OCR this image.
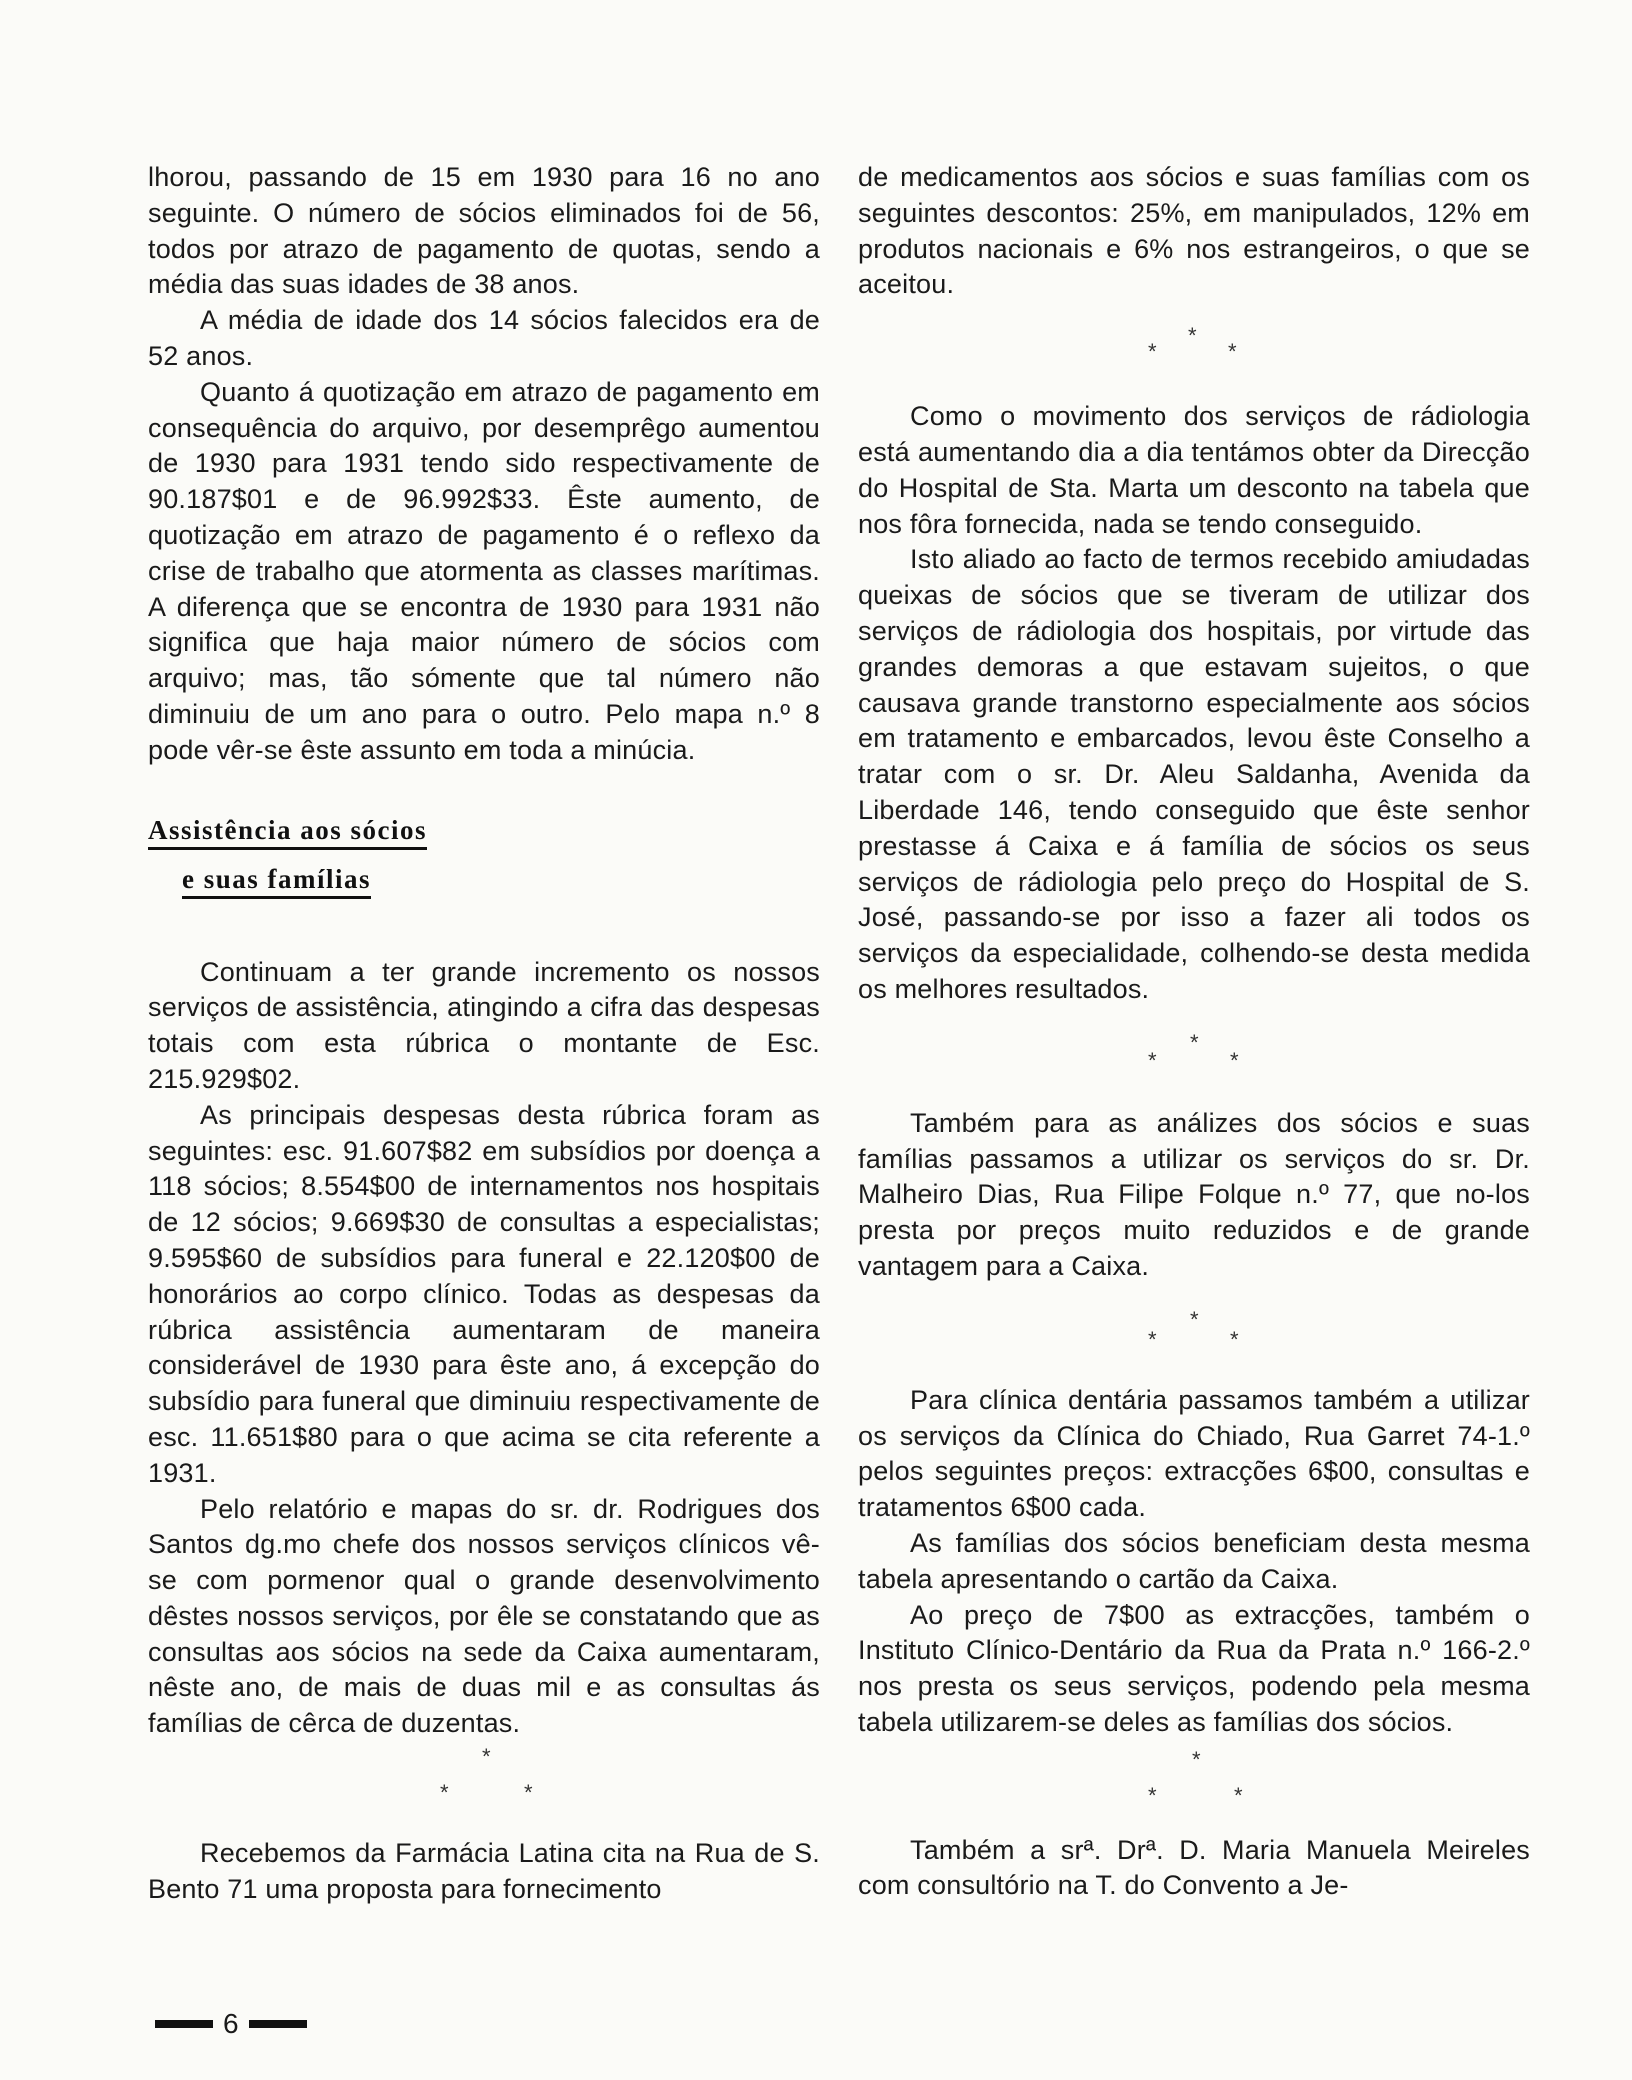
lhorou, passando de 15 em 1930 para 16 no ano seguinte. O número de sócios eliminados foi de 56, todos por atrazo de pagamento de quotas, sendo a média das suas idades de 38 anos.

A média de idade dos 14 sócios falecidos era de 52 anos.

Quanto á quotização em atrazo de pagamento em consequência do arquivo, por desemprêgo aumentou de 1930 para 1931 tendo sido respectivamente de 90.187$01 e de 96.992$33. Êste aumento, de quotização em atrazo de pagamento é o reflexo da crise de trabalho que atormenta as classes marítimas. A diferença que se encontra de 1930 para 1931 não significa que haja maior número de sócios com arquivo; mas, tão sómente que tal número não diminuiu de um ano para o outro. Pelo mapa n.º 8 pode vêr-se êste assunto em toda a minúcia.

Assistência aos sócios
e suas famílias

Continuam a ter grande incremento os nossos serviços de assistência, atingindo a cifra das despesas totais com esta rúbrica o montante de Esc. 215.929$02.

As principais despesas desta rúbrica foram as seguintes: esc. 91.607$82 em subsídios por doença a 118 sócios; 8.554$00 de internamentos nos hospitais de 12 sócios; 9.669$30 de consultas a especialistas; 9.595$60 de subsídios para funeral e 22.120$00 de honorários ao corpo clínico. Todas as despesas da rúbrica assistência aumentaram de maneira considerável de 1930 para êste ano, á excepção do subsídio para funeral que diminuiu respectivamente de esc. 11.651$80 para o que acima se cita referente a 1931.

Pelo relatório e mapas do sr. dr. Rodrigues dos Santos dg.mo chefe dos nossos serviços clínicos vê-se com pormenor qual o grande desenvolvimento dêstes nossos serviços, por êle se constatando que as consultas aos sócios na sede da Caixa aumentaram, nêste ano, de mais de duas mil e as consultas ás famílias de cêrca de duzentas.

*
*	*

Recebemos da Farmácia Latina cita na Rua de S. Bento 71 uma proposta para fornecimento

de medicamentos aos sócios e suas famílias com os seguintes descontos: 25%, em manipulados, 12% em produtos nacionais e 6% nos estrangeiros, o que se aceitou.

*
*	*

Como o movimento dos serviços de rádiologia está aumentando dia a dia tentámos obter da Direcção do Hospital de Sta. Marta um desconto na tabela que nos fôra fornecida, nada se tendo conseguido.

Isto aliado ao facto de termos recebido amiudadas queixas de sócios que se tiveram de utilizar dos serviços de rádiologia dos hospitais, por virtude das grandes demoras a que estavam sujeitos, o que causava grande transtorno especialmente aos sócios em tratamento e embarcados, levou êste Conselho a tratar com o sr. Dr. Aleu Saldanha, Avenida da Liberdade 146, tendo conseguido que êste senhor prestasse á Caixa e á família de sócios os seus serviços de rádiologia pelo preço do Hospital de S. José, passando-se por isso a fazer ali todos os serviços da especialidade, colhendo-se desta medida os melhores resultados.

*
*	*

Também para as análizes dos sócios e suas famílias passamos a utilizar os serviços do sr. Dr. Malheiro Dias, Rua Filipe Folque n.º 77, que no-los presta por preços muito reduzidos e de grande vantagem para a Caixa.

*
*	*

Para clínica dentária passamos também a utilizar os serviços da Clínica do Chiado, Rua Garret 74-1.º pelos seguintes preços: extracções 6$00, consultas e tratamentos 6$00 cada.

As famílias dos sócios beneficiam desta mesma tabela apresentando o cartão da Caixa.

Ao preço de 7$00 as extracções, também o Instituto Clínico-Dentário da Rua da Prata n.º 166-2.º nos presta os seus serviços, podendo pela mesma tabela utilizarem-se deles as famílias dos sócios.

*
*	*

Também a srª. Drª. D. Maria Manuela Meireles com consultório na T. do Convento a Je-

6
